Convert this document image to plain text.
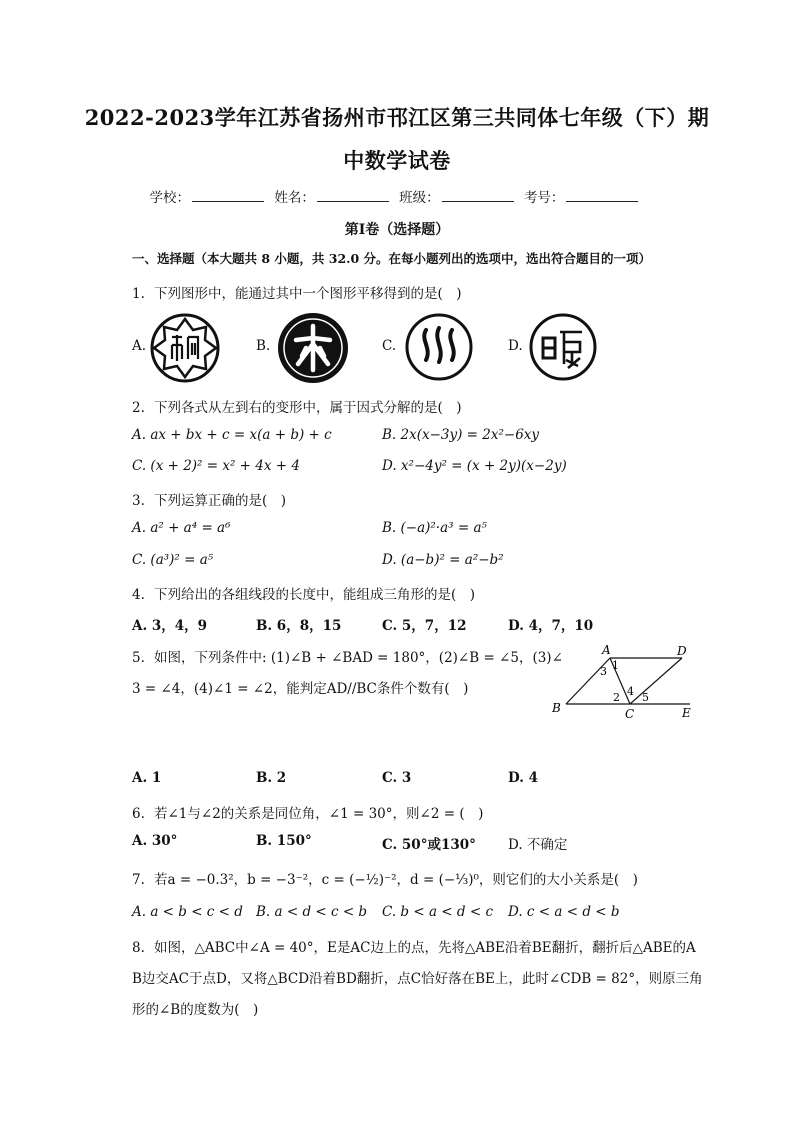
2022-2023学年江苏省扬州市邗江区第三共同体七年级（下）期
中数学试卷
学校：	姓名：	班级：	考号：
第Ⅰ卷（选择题）
一、选择题（本大题共 8 小题，共 32.0 分。在每小题列出的选项中，选出符合题目的一项）
1. 下列图形中，能通过其中一个图形平移得到的是(　)
A.	B.	C.	D.
2. 下列各式从左到右的变形中，属于因式分解的是(　)
A. ax + bx + c = x(a + b) + c	B. 2x(x−3y) = 2x²−6xy
C. (x + 2)² = x² + 4x + 4	D. x²−4y² = (x + 2y)(x−2y)
3. 下列运算正确的是(　)
A. a² + a⁴ = a⁶	B. (−a)²·a³ = a⁵
C. (a³)² = a⁵	D. (a−b)² = a²−b²
4. 下列给出的各组线段的长度中，能组成三角形的是(　)
A. 3，4，9	B. 6，8，15	C. 5，7，12	D. 4，7，10
5. 如图，下列条件中: (1)∠B + ∠BAD = 180°，(2)∠B = ∠5，(3)∠
3 = ∠4，(4)∠1 = ∠2，能判定AD//BC条件个数有(　)
A	D
B	C	E
1
3
2 4 5
A. 1	B. 2	C. 3	D. 4
6. 若∠1与∠2的关系是同位角，∠1 = 30°，则∠2 = (　)
A. 30°	B. 150°	C. 50°或130° D. 不确定
7. 若a = −0.3²，b = −3⁻²，c = (−½)⁻²，d = (−⅓)⁰，则它们的大小关系是(　)
A. a < b < c < d B. a < d < c < b C. b < a < d < c D. c < a < d < b
8. 如图，△ABC中∠A = 40°，E是AC边上的点，先将△ABE沿着BE翻折，翻折后△ABE的A
B边交AC于点D，又将△BCD沿着BD翻折，点C恰好落在BE上，此时∠CDB = 82°，则原三角
形的∠B的度数为(　)
